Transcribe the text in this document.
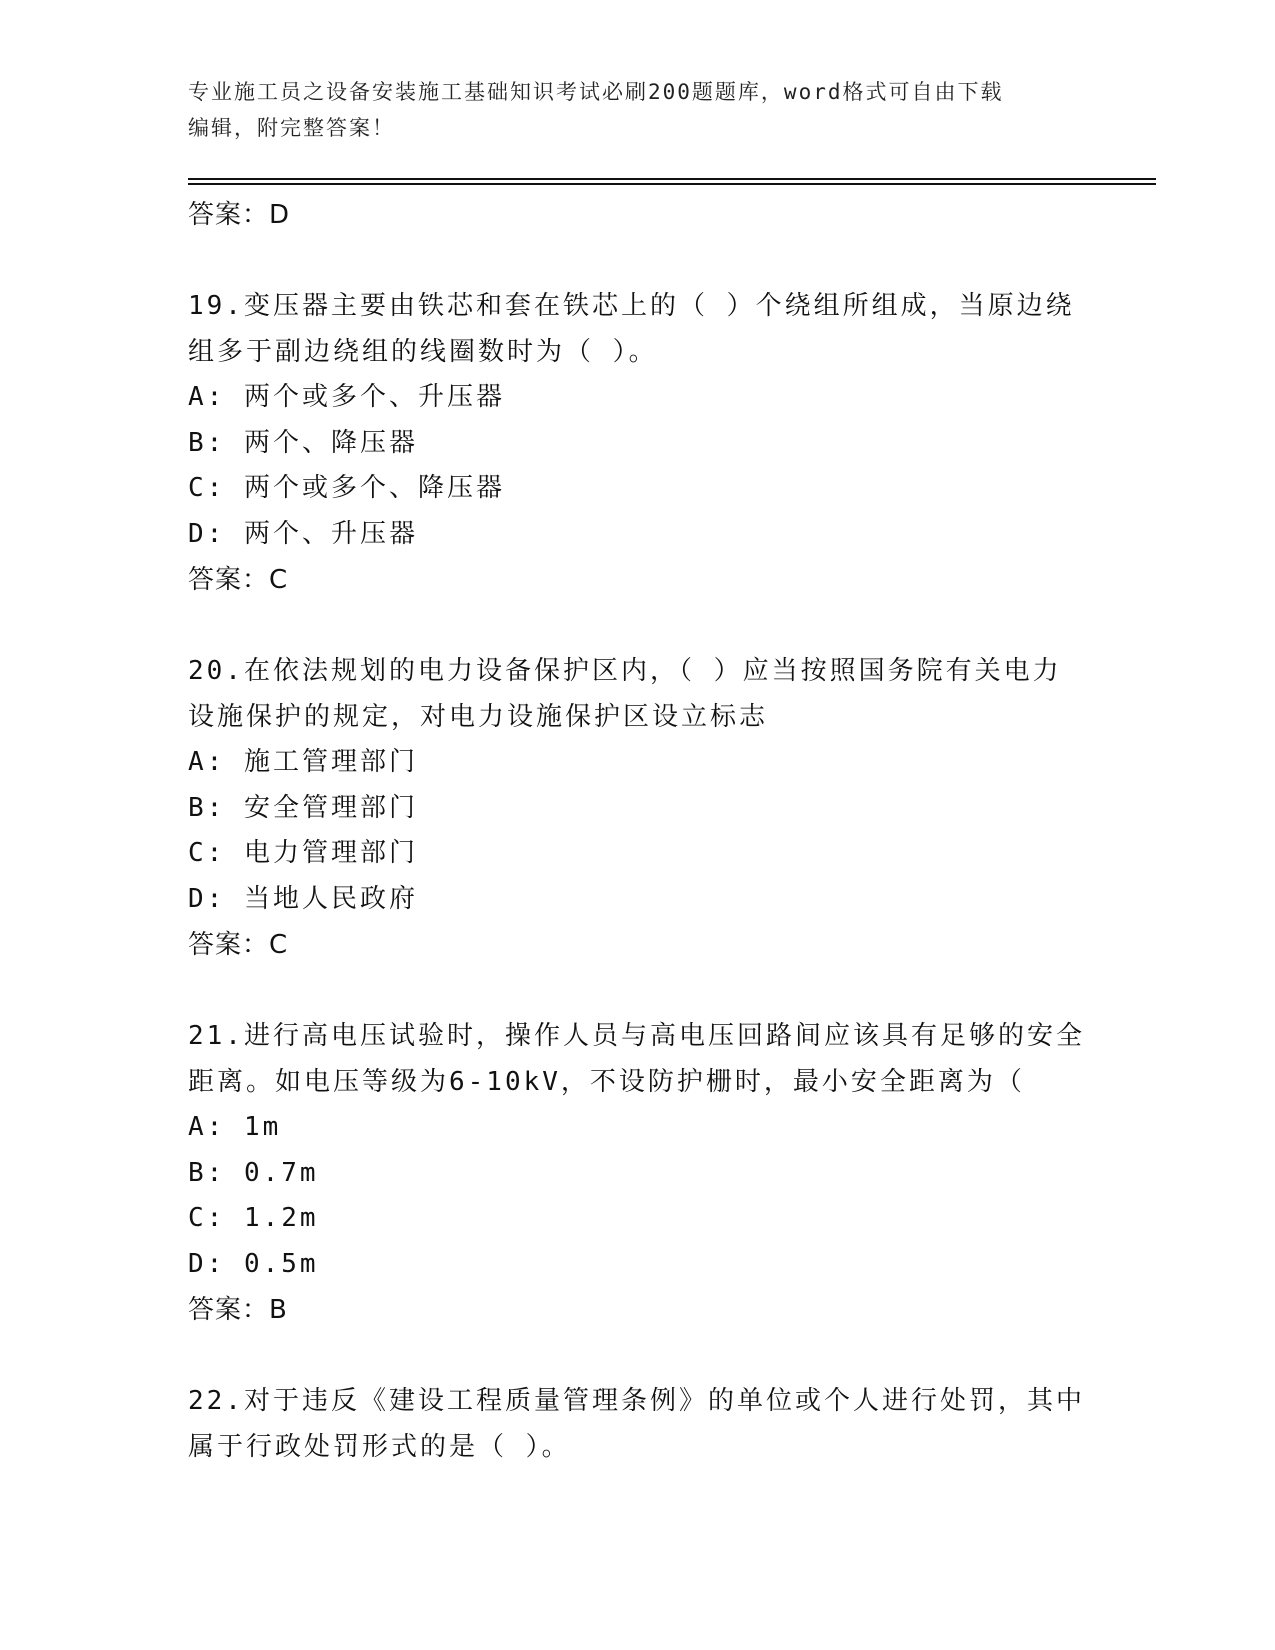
专业施工员之设备安装施工基础知识考试必刷200题题库，word格式可自由下载
编辑，附完整答案！
答案：D
19.变压器主要由铁芯和套在铁芯上的（ ）个绕组所组成，当原边绕
组多于副边绕组的线圈数时为（ ）。
A: 两个或多个、升压器
B: 两个、降压器
C: 两个或多个、降压器
D: 两个、升压器
答案：C
20.在依法规划的电力设备保护区内，（ ）应当按照国务院有关电力
设施保护的规定，对电力设施保护区设立标志
A: 施工管理部门
B: 安全管理部门
C: 电力管理部门
D: 当地人民政府
答案：C
21.进行高电压试验时，操作人员与高电压回路间应该具有足够的安全
距离。如电压等级为6-10kV，不设防护栅时，最小安全距离为（
A: 1m
B: 0.7m
C: 1.2m
D: 0.5m
答案：B
22.对于违反《建设工程质量管理条例》的单位或个人进行处罚，其中
属于行政处罚形式的是（ ）。
